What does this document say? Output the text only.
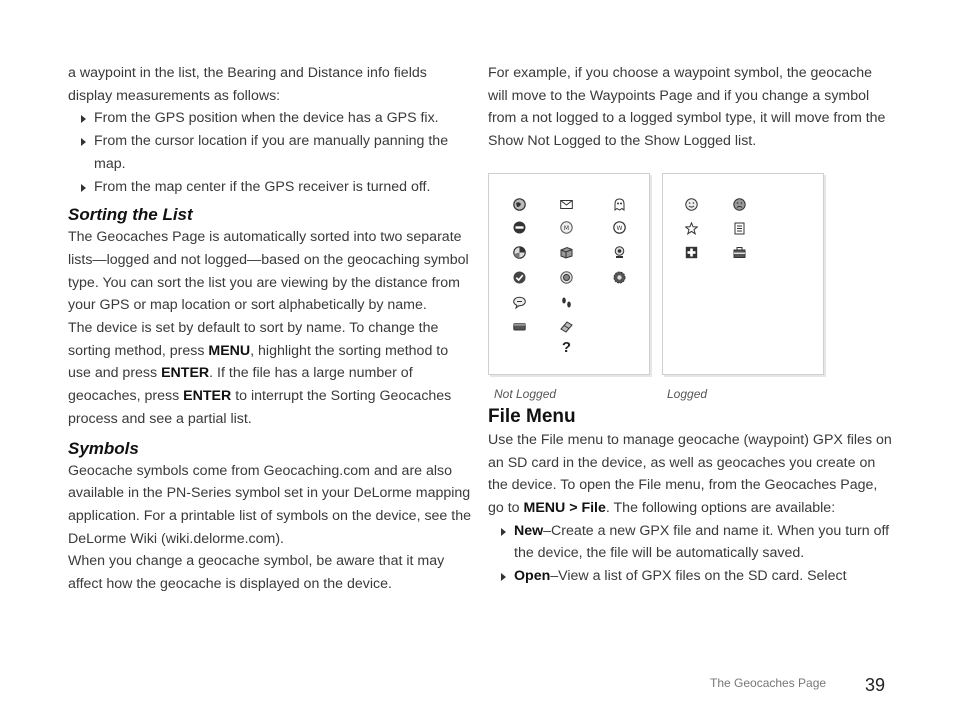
a waypoint in the list, the Bearing and Distance info fields display measurements as follows:

From the GPS position when the device has a GPS fix.

From the cursor location if you are manually panning the map.

From the map center if the GPS receiver is turned off.

Sorting the List

The Geocaches Page is automatically sorted into two separate lists—logged and not logged—based on the geocaching symbol type. You can sort the list you are viewing by the distance from your GPS or map location or sort alphabetically by name.

The device is set by default to sort by name. To change the sorting method, press MENU, highlight the sorting method to use and press ENTER. If the file has a large number of geocaches, press ENTER to interrupt the Sorting Geocaches process and see a partial list.

Symbols

Geocache symbols come from Geocaching.com and are also available in the PN-Series symbol set in your DeLorme mapping application. For a printable list of symbols on the device, see the DeLorme Wiki (wiki.delorme.com).

When you change a geocache symbol, be aware that it may affect how the geocache is displayed on the device.

For example, if you choose a waypoint symbol, the geocache will move to the Waypoints Page and if you change a symbol from a not logged to a logged symbol type, it will move from the Show Not Logged to the Show Logged list.

M
?
W
Not Logged	Logged
File Menu

Use the File menu to manage geocache (waypoint) GPX files on an SD card in the device, as well as geocaches you create on the device. To open the File menu, from the Geocaches Page, go to MENU > File. The following options are available:

New–Create a new GPX file and name it. When you turn off the device, the file will be automatically saved.

Open–View a list of GPX files on the SD card. Select

The Geocaches Page 39
